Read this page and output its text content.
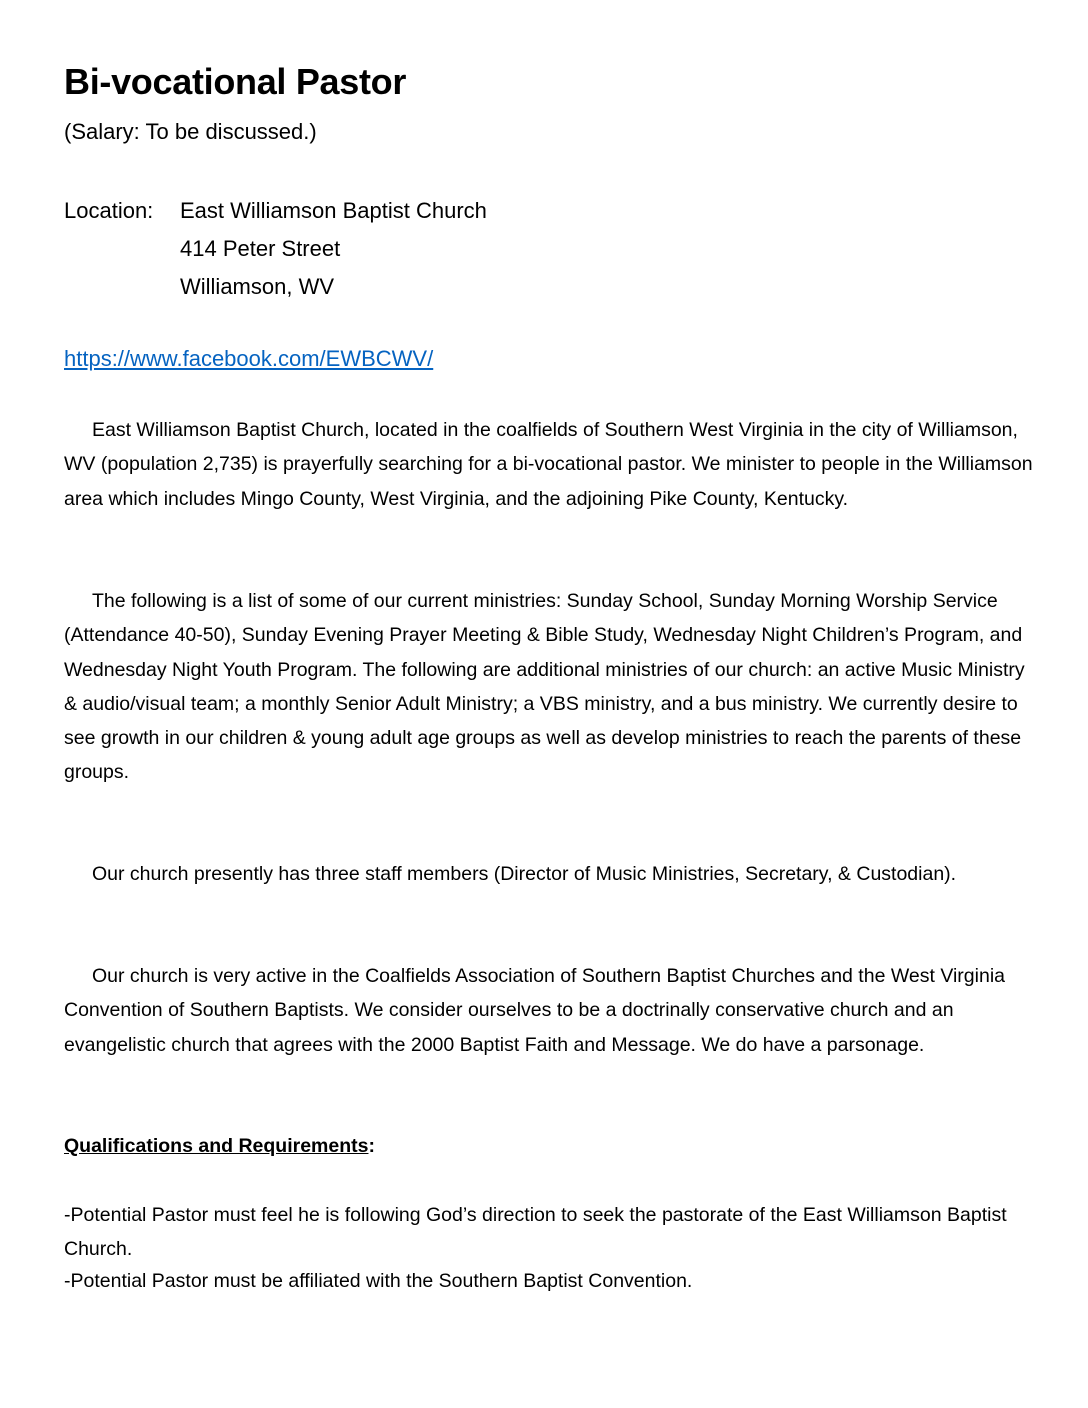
Bi-vocational Pastor
(Salary: To be discussed.)
Location: East Williamson Baptist Church
414 Peter Street
Williamson, WV
https://www.facebook.com/EWBCWV/

East Williamson Baptist Church, located in the coalfields of Southern West Virginia in the city of Williamson, WV (population 2,735) is prayerfully searching for a bi-vocational pastor. We minister to people in the Williamson area which includes Mingo County, West Virginia, and the adjoining Pike County, Kentucky.

The following is a list of some of our current ministries: Sunday School, Sunday Morning Worship Service (Attendance 40-50), Sunday Evening Prayer Meeting & Bible Study, Wednesday Night Children’s Program, and Wednesday Night Youth Program. The following are additional ministries of our church: an active Music Ministry & audio/visual team; a monthly Senior Adult Ministry; a VBS ministry, and a bus ministry. We currently desire to see growth in our children & young adult age groups as well as develop ministries to reach the parents of these groups.

Our church presently has three staff members (Director of Music Ministries, Secretary, & Custodian).

Our church is very active in the Coalfields Association of Southern Baptist Churches and the West Virginia Convention of Southern Baptists. We consider ourselves to be a doctrinally conservative church and an evangelistic church that agrees with the 2000 Baptist Faith and Message. We do have a parsonage.

Qualifications and Requirements:

-Potential Pastor must feel he is following God’s direction to seek the pastorate of the East Williamson Baptist Church.

-Potential Pastor must be affiliated with the Southern Baptist Convention.
